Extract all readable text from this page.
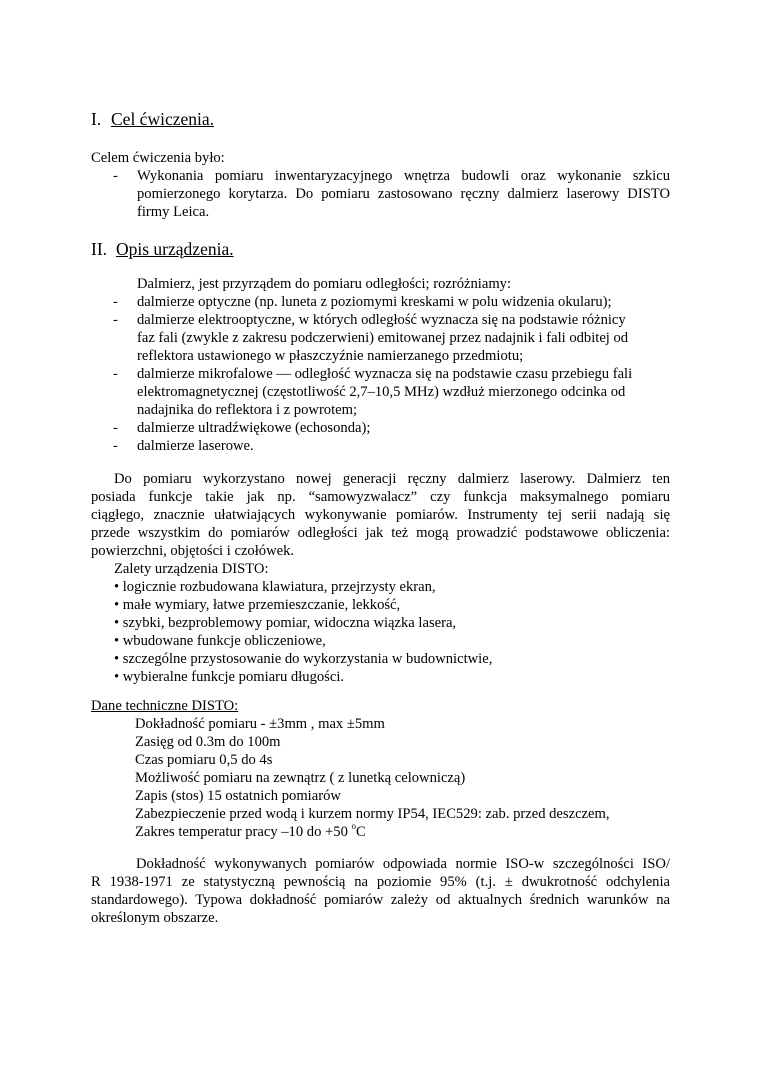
I. Cel ćwiczenia.
Celem ćwiczenia było:
- Wykonania pomiaru inwentaryzacyjnego wnętrza budowli oraz wykonanie szkicu
pomierzonego korytarza. Do pomiaru zastosowano ręczny dalmierz laserowy DISTO
firmy Leica.
II. Opis urządzenia.
Dalmierz, jest przyrządem do pomiaru odległości; rozróżniamy:
- dalmierze optyczne (np. luneta z poziomymi kreskami w polu widzenia okularu);
- dalmierze elektrooptyczne, w których odległość wyznacza się na podstawie różnicy
faz fali (zwykle z zakresu podczerwieni) emitowanej przez nadajnik i fali odbitej od
reflektora ustawionego w płaszczyźnie namierzanego przedmiotu;
- dalmierze mikrofalowe — odległość wyznacza się na podstawie czasu przebiegu fali
elektromagnetycznej (częstotliwość 2,7–10,5 MHz) wzdłuż mierzonego odcinka od
nadajnika do reflektora i z powrotem;
- dalmierze ultradźwiękowe (echosonda);
- dalmierze laserowe.
Do pomiaru wykorzystano nowej generacji ręczny dalmierz laserowy. Dalmierz ten
posiada funkcje takie jak np. “samowyzwalacz” czy funkcja maksymalnego pomiaru
ciągłego, znacznie ułatwiających wykonywanie pomiarów. Instrumenty tej serii nadają się
przede wszystkim do pomiarów odległości jak też mogą prowadzić podstawowe obliczenia:
powierzchni, objętości i czołówek.
Zalety urządzenia DISTO:
• logicznie rozbudowana klawiatura, przejrzysty ekran,
• małe wymiary, łatwe przemieszczanie, lekkość,
• szybki, bezproblemowy pomiar, widoczna wiązka lasera,
• wbudowane funkcje obliczeniowe,
• szczególne przystosowanie do wykorzystania w budownictwie,
• wybieralne funkcje pomiaru długości.
Dane techniczne DISTO:
Dokładność pomiaru - ±3mm , max ±5mm
Zasięg od 0.3m do 100m
Czas pomiaru 0,5 do 4s
Możliwość pomiaru na zewnątrz ( z lunetką celowniczą)
Zapis (stos) 15 ostatnich pomiarów
Zabezpieczenie przed wodą i kurzem normy IP54, IEC529: zab. przed deszczem,
Zakres temperatur pracy –10 do +50 $^o$C
Dokładność wykonywanych pomiarów odpowiada normie ISO-w szczególności ISO/
R 1938-1971 ze statystyczną pewnością na poziomie 95% (t.j. ± dwukrotność odchylenia
standardowego). Typowa dokładność pomiarów zależy od aktualnych średnich warunków na
określonym obszarze.
